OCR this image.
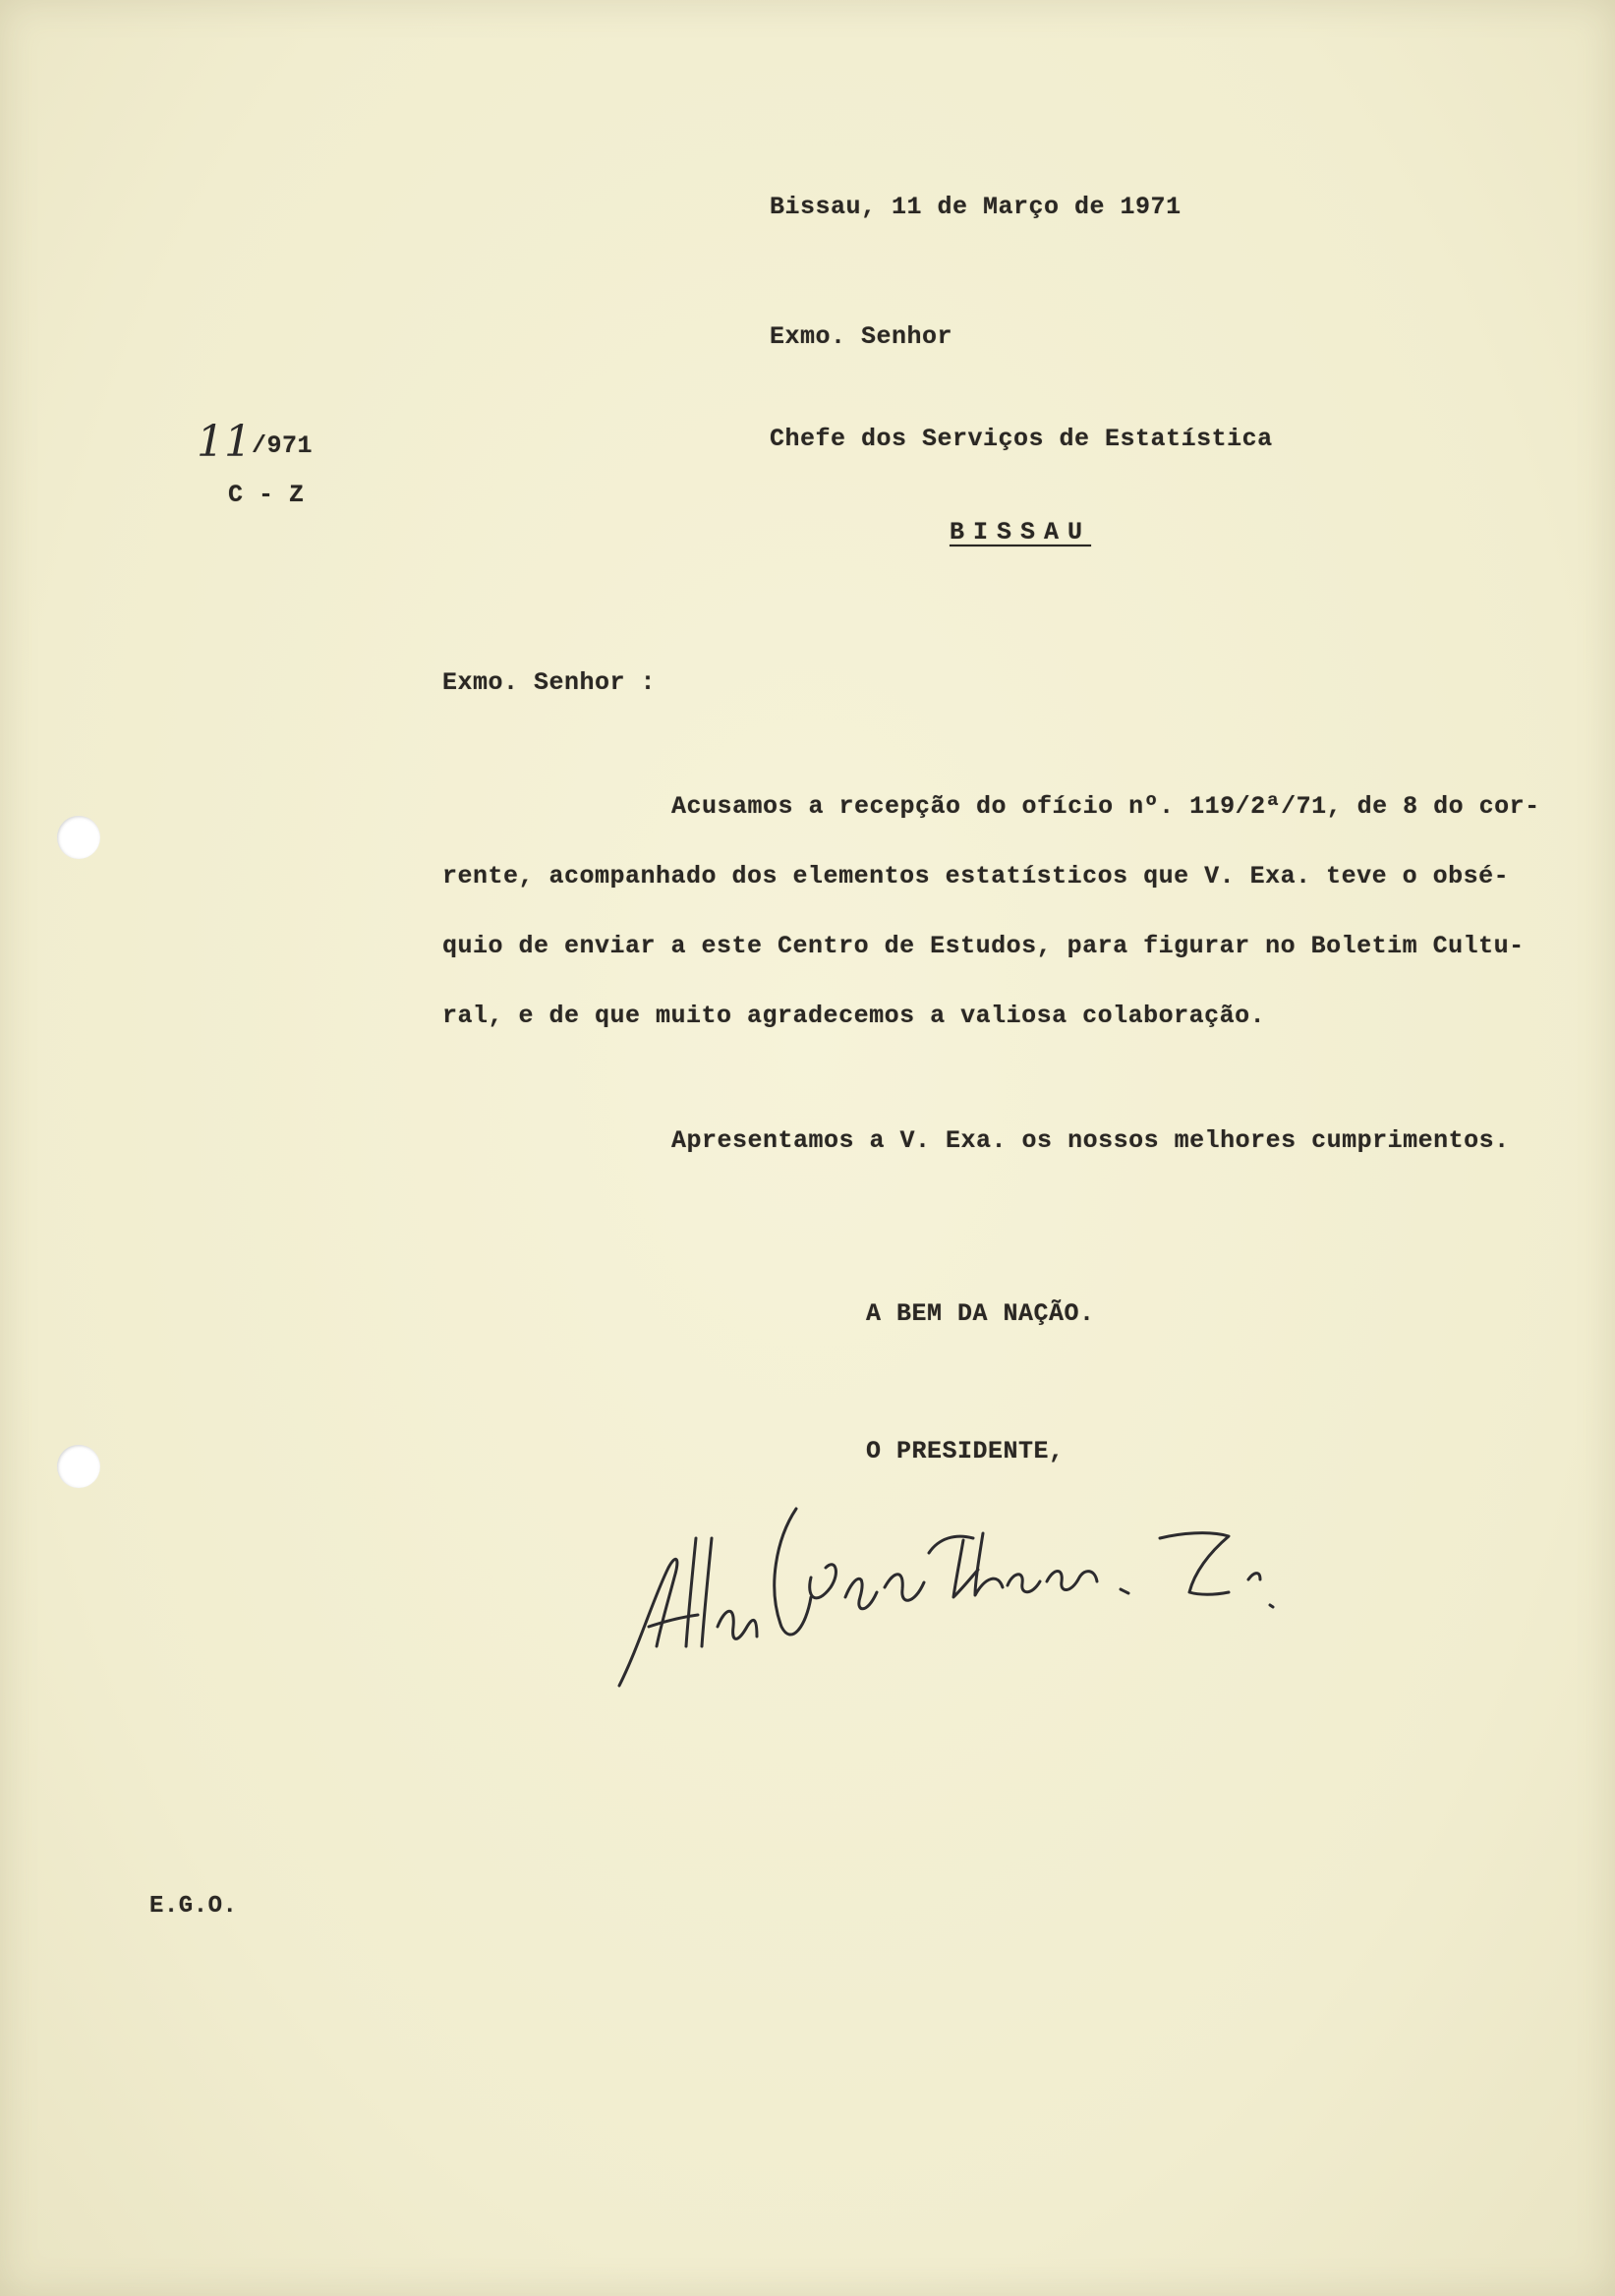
Bissau, 11 de Março de 1971
Exmo. Senhor
Chefe dos Serviços de Estatística
BISSAU
11/971
C - Z
Exmo. Senhor :
Acusamos a recepção do ofício nº. 119/2ª/71, de 8 do cor-
rente, acompanhado dos elementos estatísticos que V. Exa. teve o obsé-
quio de enviar a este Centro de Estudos, para figurar no Boletim Cultu-
ral, e de que muito agradecemos a valiosa colaboração.
Apresentamos a V. Exa. os nossos melhores cumprimentos.
A BEM DA NAÇÃO.
O PRESIDENTE,
E.G.O.
